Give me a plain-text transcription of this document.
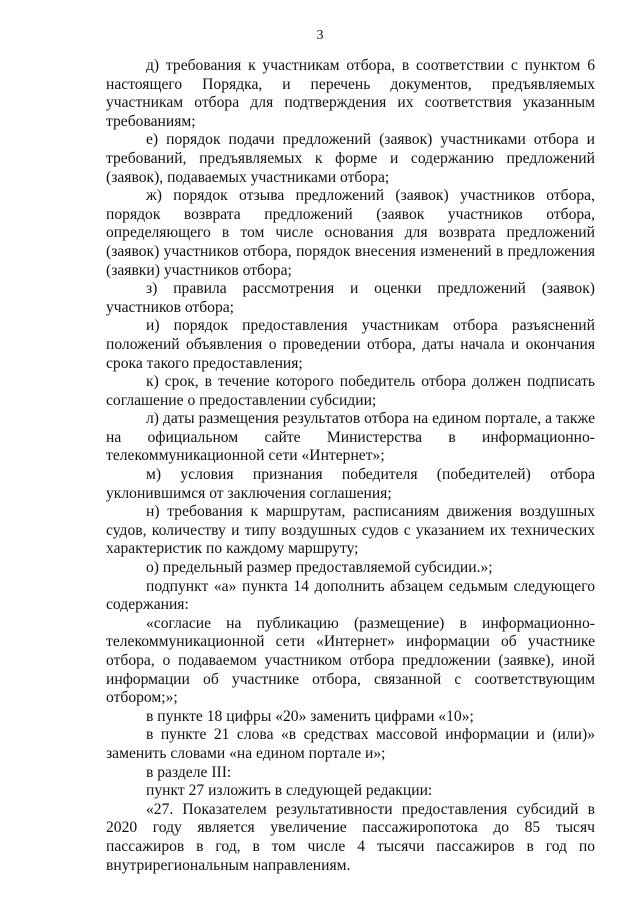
3

д) требования к участникам отбора, в соответствии с пунктом 6 настоящего Порядка, и перечень документов, предъявляемых участникам отбора для подтверждения их соответствия указанным требованиям;

е) порядок подачи предложений (заявок) участниками отбора и требований, предъявляемых к форме и содержанию предложений (заявок), подаваемых участниками отбора;

ж) порядок отзыва предложений (заявок) участников отбора, порядок возврата предложений (заявок участников отбора, определяющего в том числе основания для возврата предложений (заявок) участников отбора, порядок внесения изменений в предложения (заявки) участников отбора;

з) правила рассмотрения и оценки предложений (заявок) участников отбора;

и) порядок предоставления участникам отбора разъяснений положений объявления о проведении отбора, даты начала и окончания срока такого предоставления;

к) срок, в течение которого победитель отбора должен подписать соглашение о предоставлении субсидии;

л) даты размещения результатов отбора на едином портале, а также на официальном сайте Министерства в информационно-телекоммуникационной сети «Интернет»;

м) условия признания победителя (победителей) отбора уклонившимся от заключения соглашения;

н) требования к маршрутам, расписаниям движения воздушных судов, количеству и типу воздушных судов с указанием их технических характеристик по каждому маршруту;

о) предельный размер предоставляемой субсидии.»;

подпункт «а» пункта 14 дополнить абзацем седьмым следующего содержания:

«согласие на публикацию (размещение) в информационно-телекоммуникационной сети «Интернет» информации об участнике отбора, о подаваемом участником отбора предложении (заявке), иной информации об участнике отбора, связанной с соответствующим отбором;»;

в пункте 18 цифры «20» заменить цифрами «10»;

в пункте 21 слова «в средствах массовой информации и (или)» заменить словами «на едином портале и»;

в разделе III:

пункт 27 изложить в следующей редакции:

«27. Показателем результативности предоставления субсидий в 2020 году является увеличение пассажиропотока до 85 тысяч пассажиров в год, в том числе 4 тысячи пассажиров в год по внутрирегиональным направлениям.
